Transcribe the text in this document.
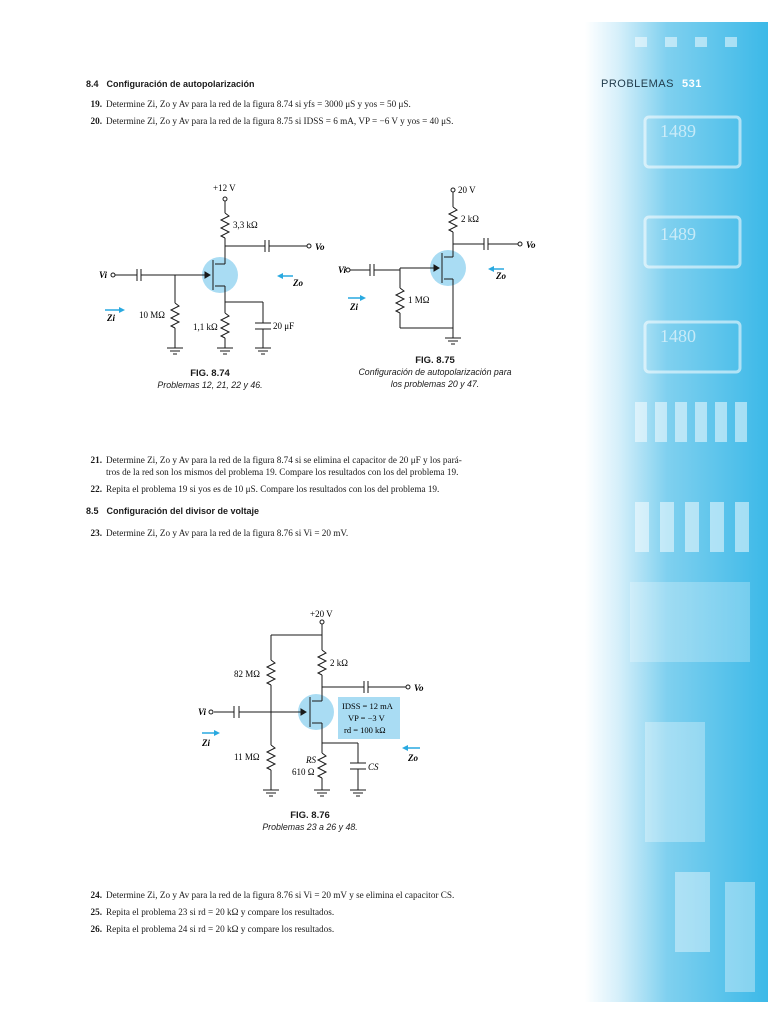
1489
1489
1480
PROBLEMAS 531
8.4 Configuración de autopolarización
19. Determine Zi, Zo y Av para la red de la figura 8.74 si yfs = 3000 μS y yos = 50 μS.
20. Determine Zi, Zo y Av para la red de la figura 8.75 si IDSS = 6 mA, VP = −6 V y yos = 40 μS.
+12 V
3,3 kΩ
Vo
Vi
Zo
Zi	10 MΩ
1,1 kΩ	20 μF
FIG. 8.74
Problemas 12, 21, 22 y 46.
20 V
2 kΩ
Vo
Vi
Zo
Zi
1 MΩ
FIG. 8.75
Configuración de autopolarización para
los problemas 20 y 47.
21. Determine Zi, Zo y Av para la red de la figura 8.74 si se elimina el capacitor de 20 μF y los pará-
tros de la red son los mismos del problema 19. Compare los resultados con los del problema 19.
22. Repita el problema 19 si yos es de 10 μS. Compare los resultados con los del problema 19.
8.5 Configuración del divisor de voltaje
23. Determine Zi, Zo y Av para la red de la figura 8.76 si Vi = 20 mV.
+20 V
82 MΩ
2 kΩ
Vo
Vi
Zi
Zo
11 MΩ	RS
610 Ω	CS
IDSS = 12 mA
VP = −3 V
rd = 100 kΩ
FIG. 8.76
Problemas 23 a 26 y 48.
24. Determine Zi, Zo y Av para la red de la figura 8.76 si Vi = 20 mV y se elimina el capacitor CS.
25. Repita el problema 23 si rd = 20 kΩ y compare los resultados.
26. Repita el problema 24 si rd = 20 kΩ y compare los resultados.
